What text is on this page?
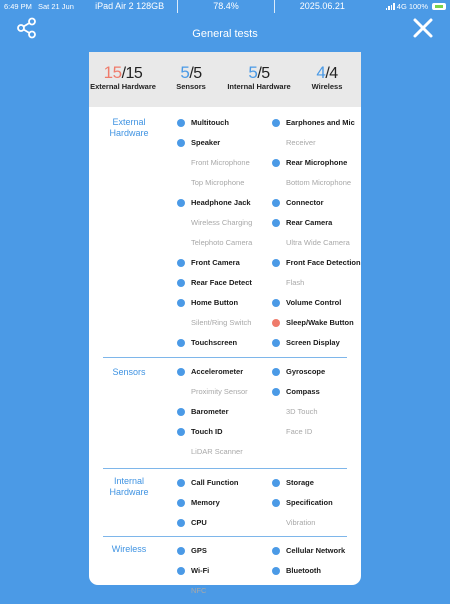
6:49 PM Sat 21 Jun	4G 100%
iPad Air 2 128GB	78.4%	2025.06.21
General tests
15/15
External Hardware
5/5
Sensors
5/5
Internal Hardware
4/4
Wireless
External Hardware
Multitouch	Earphones and Mic
Speaker	Receiver
Front Microphone	Rear Microphone
Top Microphone	Bottom Microphone
Headphone Jack	Connector
Wireless Charging	Rear Camera
Telephoto Camera	Ultra Wide Camera
Front Camera	Front Face Detection
Rear Face Detect	Flash
Home Button	Volume Control
Silent/Ring Switch	Sleep/Wake Button
Touchscreen	Screen Display
Sensors	Accelerometer	Gyroscope
Proximity Sensor	Compass
Barometer	3D Touch
Touch ID	Face ID
LiDAR Scanner
Internal Hardware
Call Function	Storage
Memory	Specification
CPU	Vibration
Wireless	GPS	Cellular Network
Wi-Fi	Bluetooth
NFC
